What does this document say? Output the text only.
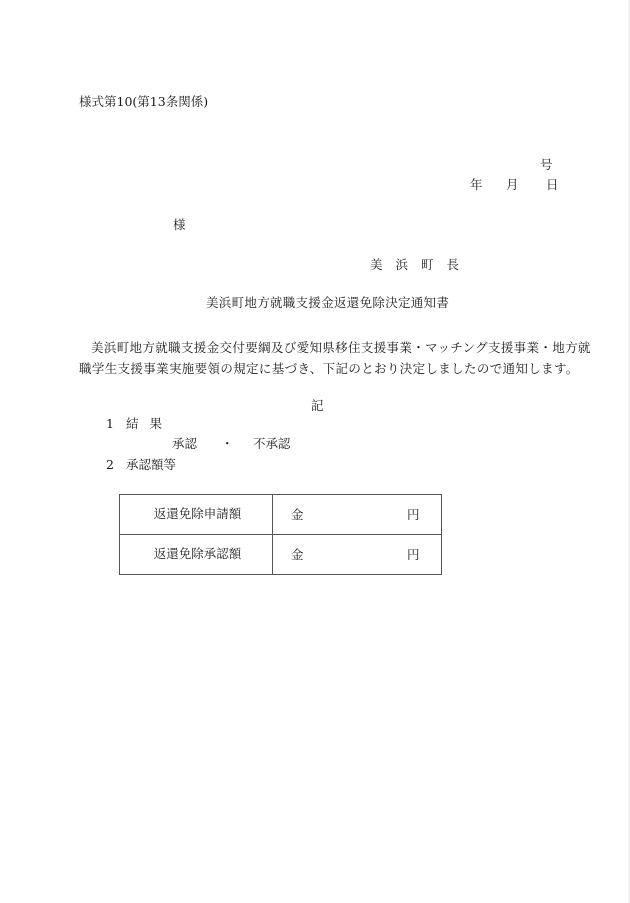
様式第10(第13条関係)
号
年 月 日
様
美浜町長
美浜町地方就職支援金返還免除決定通知書
美浜町地方就職支援金交付要綱及び愛知県移住支援事業・マッチング支援事業・地方就
職学生支援事業実施要領の規定に基づき、下記のとおり決定しましたので通知します。
記
1 結果
承認 ・ 不承認
2 承認額等
返還免除申請額	金 円

返還免除承認額	金 円
